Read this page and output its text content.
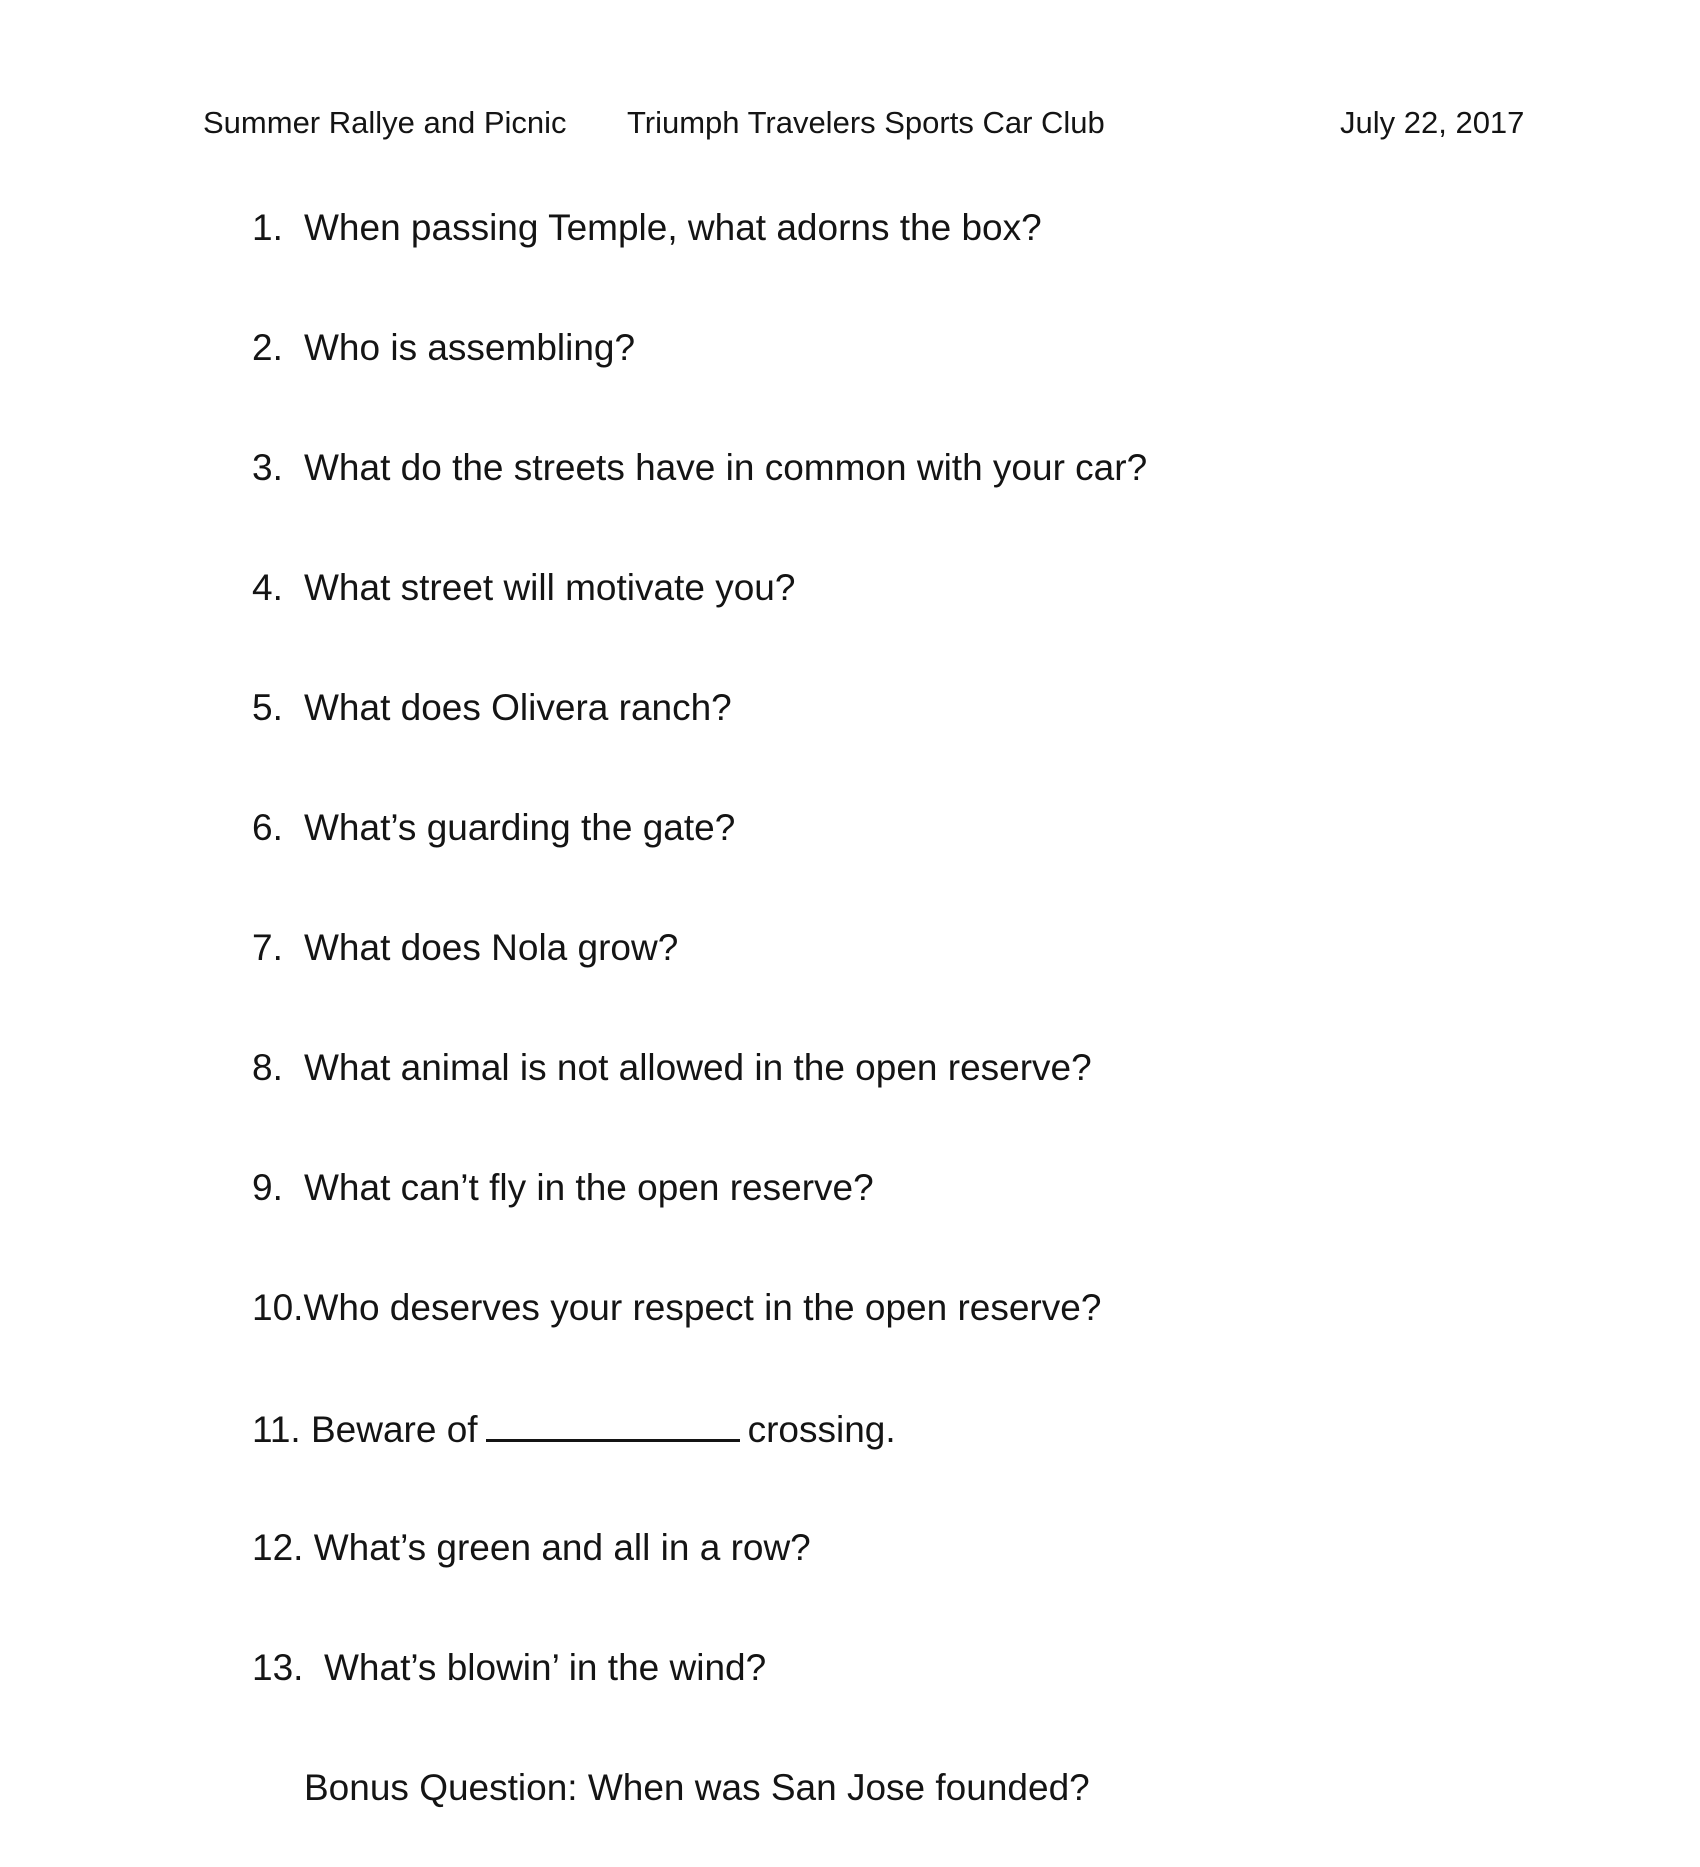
Summer Rallye and Picnic Triumph Travelers Sports Car Club	July 22, 2017
1. When passing Temple, what adorns the box?
2. Who is assembling?
3. What do the streets have in common with your car?
4. What street will motivate you?
5. What does Olivera ranch?
6. What’s guarding the gate?
7. What does Nola grow?
8. What animal is not allowed in the open reserve?
9. What can’t fly in the open reserve?
10.Who deserves your respect in the open reserve?
11. Beware of	crossing.
12. What’s green and all in a row?
13. What’s blowin’ in the wind?
Bonus Question: When was San Jose founded?
